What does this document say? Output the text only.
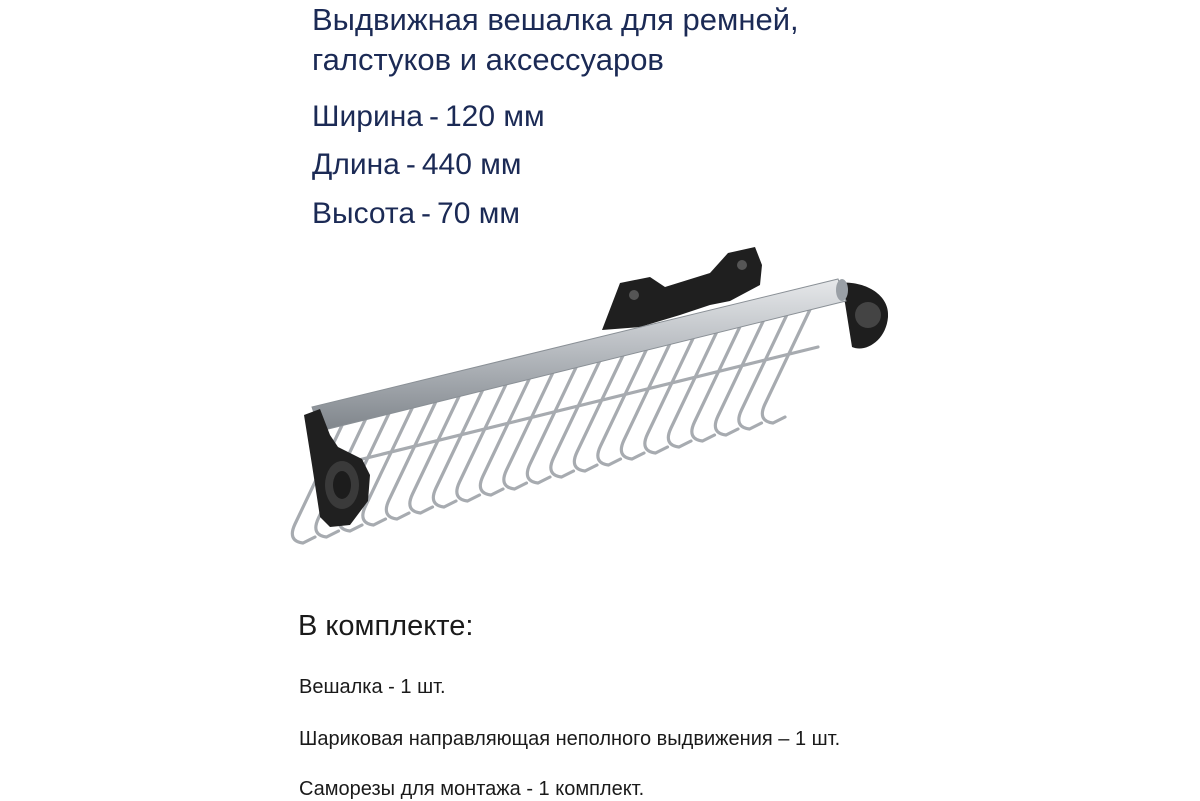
Выдвижная вешалка для ремней,
галстуков и аксессуаров
Ширина - 120 мм
Длина - 440 мм
Высота - 70 мм
В комплекте:
Вешалка - 1 шт.
Шариковая направляющая неполного выдвижения – 1 шт.
Саморезы для монтажа - 1 комплект.
